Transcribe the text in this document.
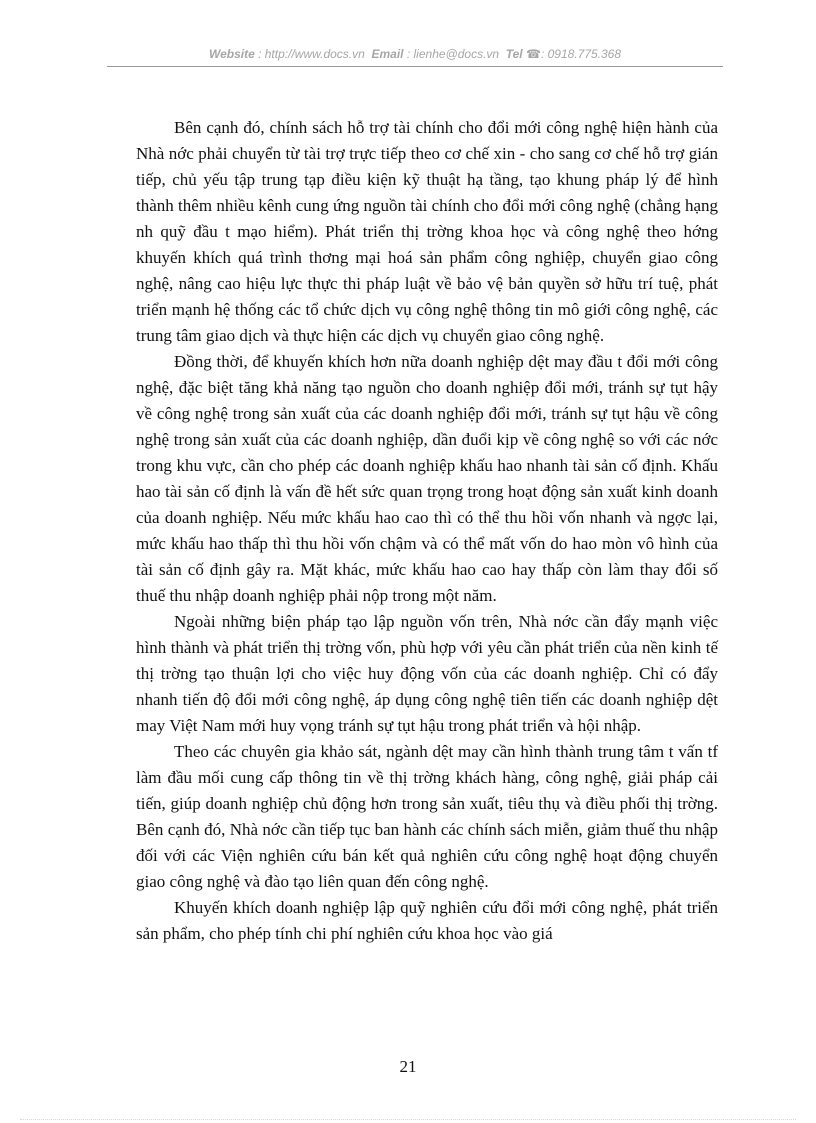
Website : http://www.docs.vn Email : lienhe@docs.vn Tel ☎: 0918.775.368

Bên cạnh đó, chính sách hỗ trợ tài chính cho đổi mới công nghệ hiện hành của Nhà nớc phải chuyển từ tài trợ trực tiếp theo cơ chế xin - cho sang cơ chế hỗ trợ gián tiếp, chủ yếu tập trung tạp điều kiện kỹ thuật hạ tầng, tạo khung pháp lý để hình thành thêm nhiều kênh cung ứng nguồn tài chính cho đổi mới công nghệ (chẳng hạng nh quỹ đầu t mạo hiểm). Phát triển thị trờng khoa học và công nghệ theo hớng khuyến khích quá trình thơng mại hoá sản phẩm công nghiệp, chuyển giao công nghệ, nâng cao hiệu lực thực thi pháp luật về bảo vệ bản quyền sở hữu trí tuệ, phát triển mạnh hệ thống các tổ chức dịch vụ công nghệ thông tin mô giới công nghệ, các trung tâm giao dịch và thực hiện các dịch vụ chuyển giao công nghệ.

Đồng thời, để khuyến khích hơn nữa doanh nghiệp dệt may đầu t đổi mới công nghệ, đặc biệt tăng khả năng tạo nguồn cho doanh nghiệp đổi mới, tránh sự tụt hậy về công nghệ trong sản xuất của các doanh nghiệp đổi mới, tránh sự tụt hậu về công nghệ trong sản xuất của các doanh nghiệp, dần đuổi kịp về công nghệ so với các nớc trong khu vực, cần cho phép các doanh nghiệp khấu hao nhanh tài sản cố định. Khấu hao tài sản cố định là vấn đề hết sức quan trọng trong hoạt động sản xuất kinh doanh của doanh nghiệp. Nếu mức khấu hao cao thì có thể thu hồi vốn nhanh và ngợc lại, mức khấu hao thấp thì thu hồi vốn chậm và có thể mất vốn do hao mòn vô hình của tài sản cố định gây ra. Mặt khác, mức khấu hao cao hay thấp còn làm thay đổi số thuế thu nhập doanh nghiệp phải nộp trong một năm.

Ngoài những biện pháp tạo lập nguồn vốn trên, Nhà nớc cần đẩy mạnh việc hình thành và phát triển thị trờng vốn, phù hợp với yêu cần phát triển của nền kinh tế thị trờng tạo thuận lợi cho việc huy động vốn của các doanh nghiệp. Chỉ có đẩy nhanh tiến độ đổi mới công nghệ, áp dụng công nghệ tiên tiến các doanh nghiệp dệt may Việt Nam mới huy vọng tránh sự tụt hậu trong phát triển và hội nhập.

Theo các chuyên gia khảo sát, ngành dệt may cần hình thành trung tâm t vấn tf làm đầu mối cung cấp thông tin về thị trờng khách hàng, công nghệ, giải pháp cải tiến, giúp doanh nghiệp chủ động hơn trong sản xuất, tiêu thụ và điều phối thị trờng. Bên cạnh đó, Nhà nớc cần tiếp tục ban hành các chính sách miễn, giảm thuế thu nhập đối với các Viện nghiên cứu bán kết quả nghiên cứu công nghệ hoạt động chuyển giao công nghệ và đào tạo liên quan đến công nghệ.

Khuyến khích doanh nghiệp lập quỹ nghiên cứu đổi mới công nghệ, phát triển sản phẩm, cho phép tính chi phí nghiên cứu khoa học vào giá

21
